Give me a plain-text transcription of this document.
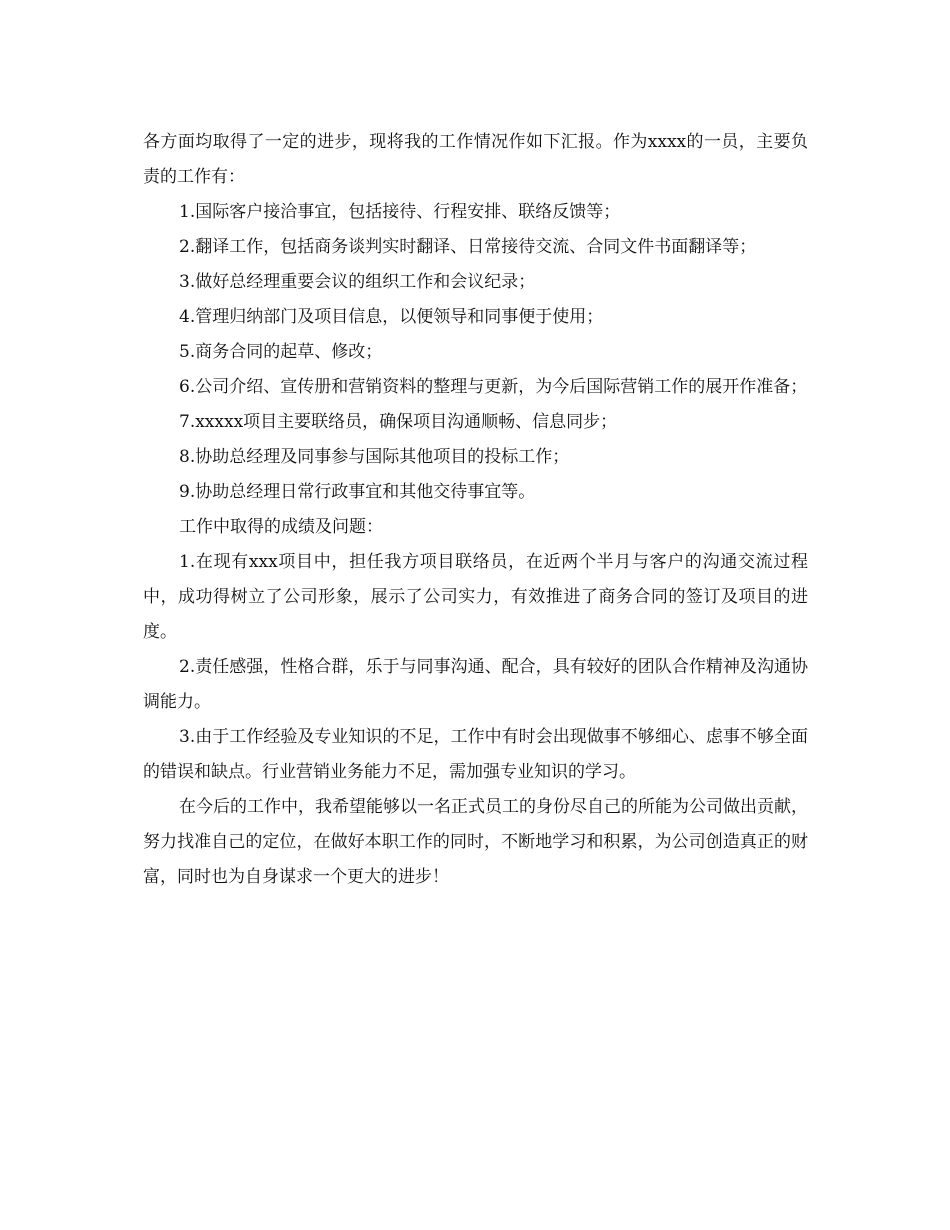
各方面均取得了一定的进步，现将我的工作情况作如下汇报。作为xxxx的一员，主要负责的工作有：

1.国际客户接洽事宜，包括接待、行程安排、联络反馈等；

2.翻译工作，包括商务谈判实时翻译、日常接待交流、合同文件书面翻译等；

3.做好总经理重要会议的组织工作和会议纪录；

4.管理归纳部门及项目信息，以便领导和同事便于使用；

5.商务合同的起草、修改；

6.公司介绍、宣传册和营销资料的整理与更新，为今后国际营销工作的展开作准备；

7.xxxxx项目主要联络员，确保项目沟通顺畅、信息同步；

8.协助总经理及同事参与国际其他项目的投标工作；

9.协助总经理日常行政事宜和其他交待事宜等。

工作中取得的成绩及问题：

1.在现有xxx项目中，担任我方项目联络员，在近两个半月与客户的沟通交流过程中，成功得树立了公司形象，展示了公司实力，有效推进了商务合同的签订及项目的进度。

2.责任感强，性格合群，乐于与同事沟通、配合，具有较好的团队合作精神及沟通协调能力。

3.由于工作经验及专业知识的不足，工作中有时会出现做事不够细心、虑事不够全面的错误和缺点。行业营销业务能力不足，需加强专业知识的学习。

在今后的工作中，我希望能够以一名正式员工的身份尽自己的所能为公司做出贡献，努力找准自己的定位，在做好本职工作的同时，不断地学习和积累，为公司创造真正的财富，同时也为自身谋求一个更大的进步！
